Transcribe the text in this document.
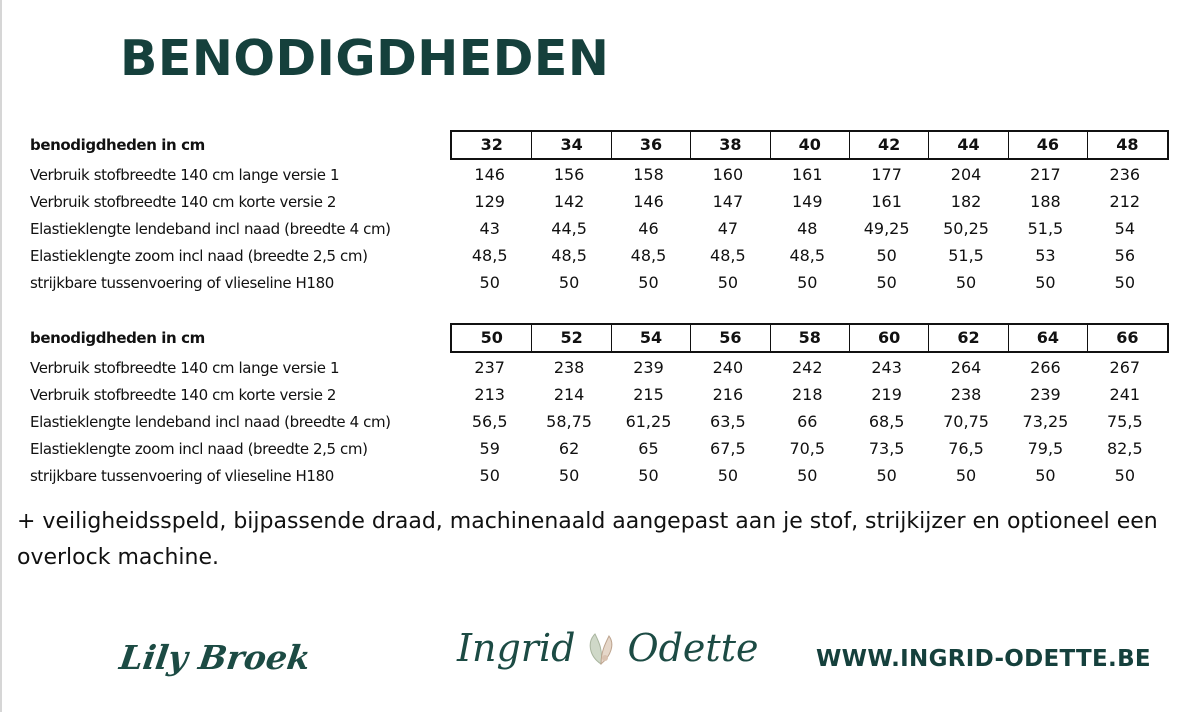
BENODIGDHEDEN
benodigdheden in cm	32	34	36	38	40	42	44	46	48
Verbruik stofbreedte 140 cm lange versie 1	146	156	158	160	161	177	204	217	236
Verbruik stofbreedte 140 cm korte versie 2	129	142	146	147	149	161	182	188	212
Elastieklengte lendeband incl naad (breedte 4 cm)	43	44,5	46	47	48	49,25	50,25	51,5	54
Elastieklengte zoom incl naad (breedte 2,5 cm)	48,5	48,5	48,5	48,5	48,5	50	51,5	53	56
strijkbare tussenvoering of vlieseline H180	50	50	50	50	50	50	50	50	50
benodigdheden in cm	50	52	54	56	58	60	62	64	66
Verbruik stofbreedte 140 cm lange versie 1	237	238	239	240	242	243	264	266	267
Verbruik stofbreedte 140 cm korte versie 2	213	214	215	216	218	219	238	239	241
Elastieklengte lendeband incl naad (breedte 4 cm)	56,5	58,75	61,25	63,5	66	68,5	70,75	73,25	75,5
Elastieklengte zoom incl naad (breedte 2,5 cm)	59	62	65	67,5	70,5	73,5	76,5	79,5	82,5
strijkbare tussenvoering of vlieseline H180	50	50	50	50	50	50	50	50	50

+ veiligheidsspeld, bijpassende draad, machinenaald aangepast aan je stof, strijkijzer en optioneel een overlock machine.

Lily Broek	Ingrid Odette	WWW.INGRID-ODETTE.BE
